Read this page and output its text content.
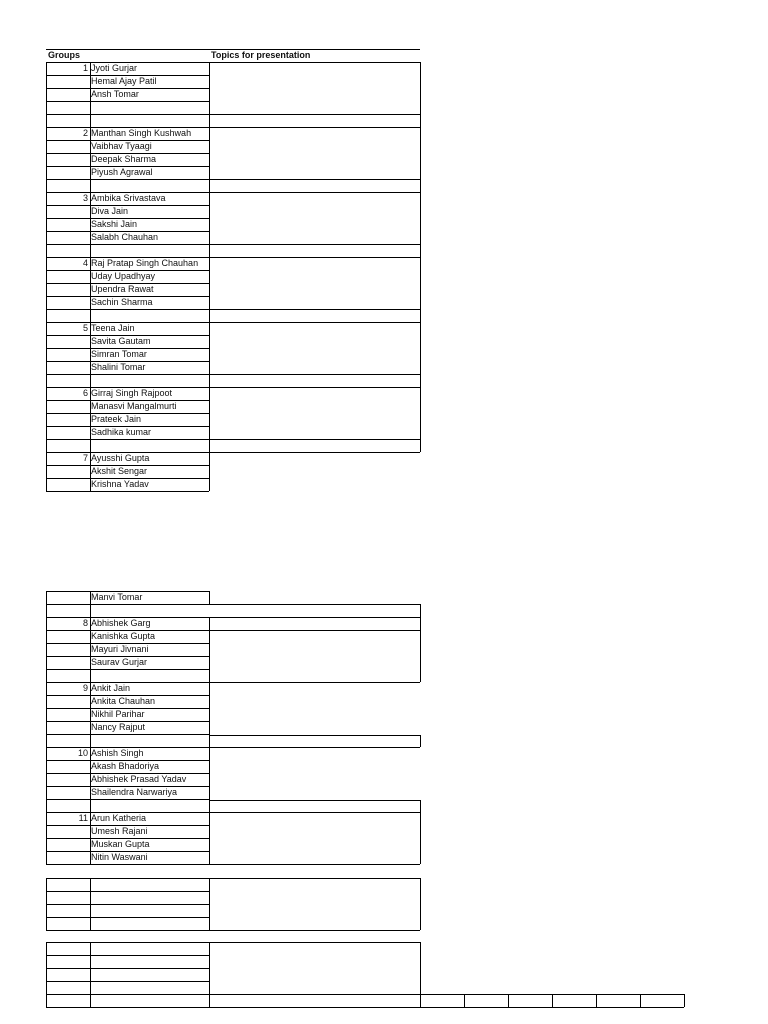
Groups	Topics for presentation
1 Jyoti Gurjar
Hemal Ajay Patil
Ansh Tomar
2 Manthan Singh Kushwah
Vaibhav Tyaagi
Deepak Sharma
Piyush Agrawal
3 Ambika Srivastava
Diva Jain
Sakshi Jain
Salabh Chauhan
4 Raj Pratap Singh Chauhan
Uday Upadhyay
Upendra Rawat
Sachin Sharma
5 Teena Jain
Savita Gautam
Simran Tomar
Shalini Tomar
6 Girraj Singh Rajpoot
Manasvi Mangalmurti
Prateek Jain
Sadhika kumar
7 Ayusshi Gupta
Akshit Sengar
Krishna Yadav
Manvi Tomar
8 Abhishek Garg
Kanishka Gupta
Mayuri Jivnani
Saurav Gurjar
9 Ankit Jain
Ankita Chauhan
Nikhil Parihar
Nancy Rajput
10 Ashish Singh
Akash Bhadoriya
Abhishek Prasad Yadav
Shailendra Narwariya
11 Arun Katheria
Umesh Rajani
Muskan Gupta
Nitin Waswani
